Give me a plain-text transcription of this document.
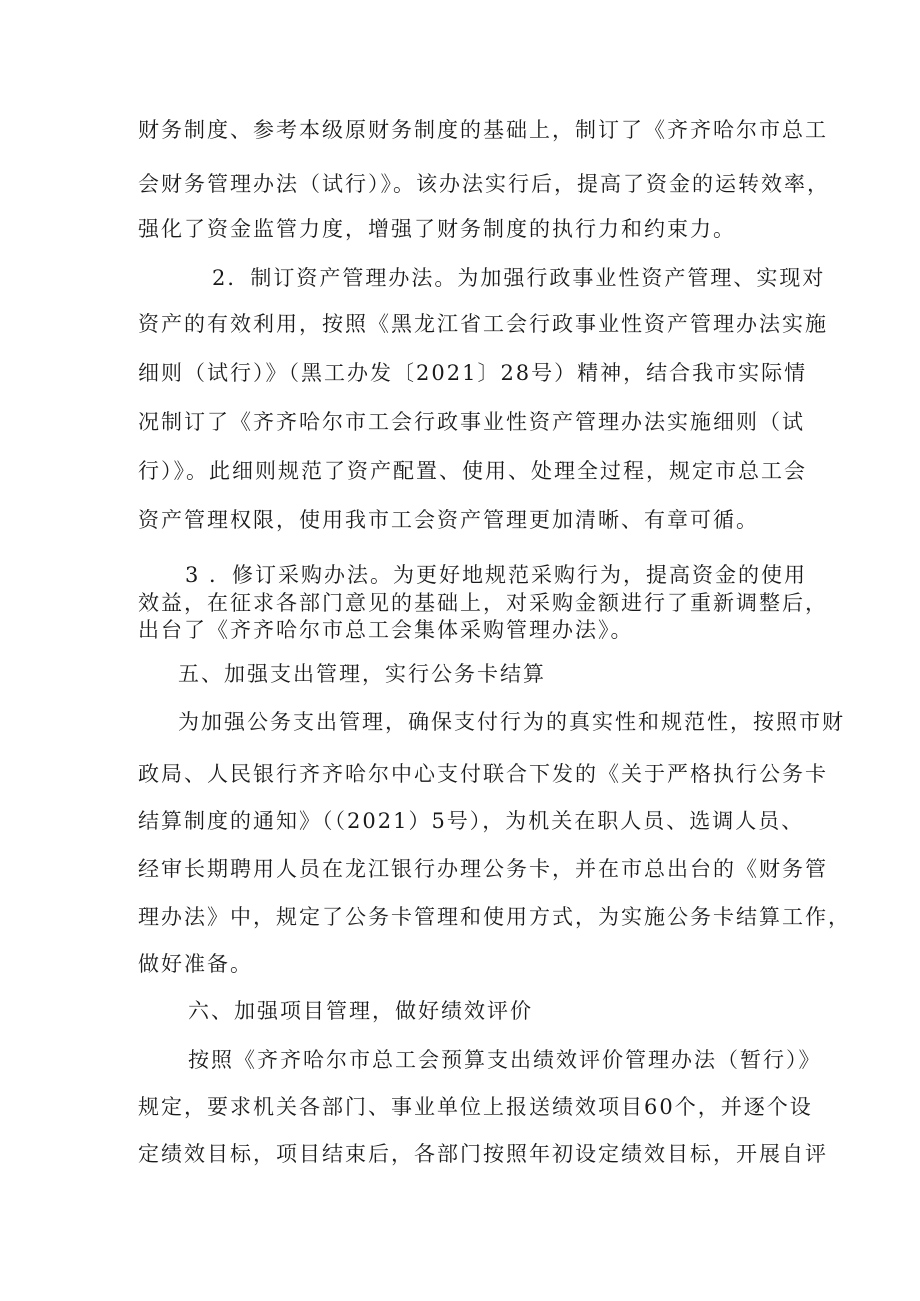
财务制度、参考本级原财务制度的基础上，制订了《齐齐哈尔市总工
会财务管理办法（试行）》。该办法实行后，提高了资金的运转效率，
强化了资金监管力度，增强了财务制度的执行力和约束力。
2．制订资产管理办法。为加强行政事业性资产管理、实现对
资产的有效利用，按照《黑龙江省工会行政事业性资产管理办法实施
细则（试行）》（黑工办发〔2021〕28号）精神，结合我市实际情
况制订了《齐齐哈尔市工会行政事业性资产管理办法实施细则（试
行）》。此细则规范了资产配置、使用、处理全过程，规定市总工会
资产管理权限，使用我市工会资产管理更加清晰、有章可循。
3 ．修订采购办法。为更好地规范采购行为，提高资金的使用
效益，在征求各部门意见的基础上，对采购金额进行了重新调整后，
出台了《齐齐哈尔市总工会集体采购管理办法》。
五、加强支出管理，实行公务卡结算
为加强公务支出管理，确保支付行为的真实性和规范性，按照市财
政局、人民银行齐齐哈尔中心支付联合下发的《关于严格执行公务卡
结算制度的通知》（（2021）5号），为机关在职人员、选调人员、
经审长期聘用人员在龙江银行办理公务卡，并在市总出台的《财务管
理办法》中，规定了公务卡管理和使用方式，为实施公务卡结算工作，
做好准备。
六、加强项目管理，做好绩效评价
按照《齐齐哈尔市总工会预算支出绩效评价管理办法（暂行）》
规定，要求机关各部门、事业单位上报送绩效项目60个，并逐个设
定绩效目标，项目结束后，各部门按照年初设定绩效目标，开展自评
